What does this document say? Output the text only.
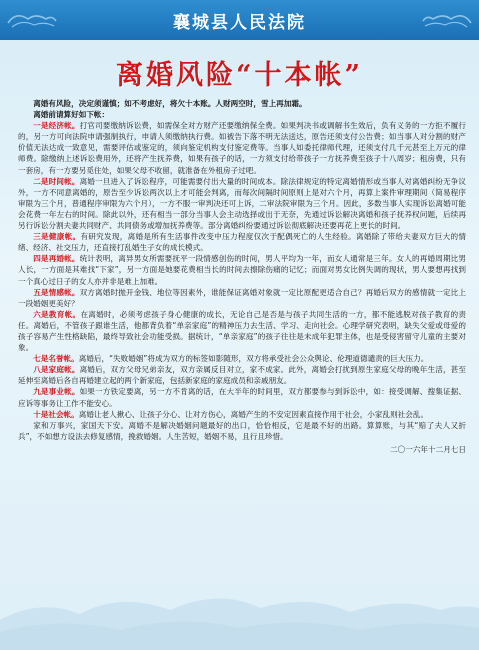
襄城县人民法院
离婚风险“十本帐”

离婚有风险，决定须谨慎；如不考虑好，将欠十本账。人财两空时，雪上再加霜。

离婚前请算好如下帐：

一是经济帐。打官司要缴纳诉讼费，如需保全对方财产还要缴纳保全费。如果判决书或调解书生效后，负有义务的一方拒不履行的，另一方可向法院申请强制执行，申请人须缴纳执行费。如被告下落不明无法送达，原告还须支付公告费；如当事人对分割的财产价值无法达成一致意见，需要评估或鉴定的，须向鉴定机构支付鉴定费等。当事人如委托律师代理，还须支付几千元甚至上万元的律师费。除缴纳上述诉讼费用外，还将产生抚养费，如果有孩子的话，一方须支付给带孩子一方抚养费至孩子十八周岁；租房费，只有一套房，有一方要另觅住处，如果父母不收留，就准备在外租房子过吧。

二是时间帐。离婚一旦进入了诉讼程序，可能需要付出大量的时间成本。除法律规定的特定离婚情形或当事人对离婚纠纷无争议外，一方不同意离婚的，原告至少诉讼两次以上才可能会判离，而每次间隔时间原则上是对六个月，再算上案件审理期间（简易程序审限为三个月，普通程序审限为六个月），一方不服一审判决还可上诉，二审法院审限为三个月。因此，多数当事人实现诉讼离婚可能会花费一年左右的时间。除此以外，还有相当一部分当事人会主动选择或出于无奈，先通过诉讼解决离婚和孩子抚养权问题，后续再另行诉讼分割夫妻共同财产、共同债务或增加抚养费等。部分离婚纠纷要通过诉讼彻底解决还要再花上更长的时间。

三是健康帐。有研究发现，离婚是所有生活事件改变中压力程度仅次于配偶死亡的人生经验。离婚除了带给夫妻双方巨大的情绪、经济、社交压力，还直接打乱婚生子女的成长模式。

四是再婚帐。统计表明，离异男女所需要抚平一段情感创伤的时间，男人平均为一年，而女人通常是三年。女人的再婚周期比男人长，一方面是其难找“下家”，另一方面是她要花费相当长的时间去擦除伤痛的记忆；而面对男女比例失调的现状，男人要想再找到一个真心过日子的女人亦并非是难上加难。

五是情感帐。双方离婚时抛开金钱、地位等因素外，谁能保证离婚对象就一定比原配更适合自己？再婚后双方的感情就一定比上一段婚姻更美好？

六是教育帐。在离婚时，必须考虑孩子身心健康的成长，无论自己是否是与孩子共同生活的一方，都不能逃脱对孩子教育的责任。离婚后，不管孩子跟谁生活，他都背负着“单亲家庭”的精神压力去生活、学习、走向社会。心理学研究表明，缺失父爱或母爱的孩子容易产生性格缺陷，最终导致社会功能受损。据统计，“单亲家庭”的孩子往往是未成年犯罪主体，也是受侵害留守儿童的主要对象。

七是名誉帐。离婚后，“失败婚姻”将成为双方的标签如影随形，双方将承受社会公众舆论、伦理道德谴责的巨大压力。

八是家庭帐。离婚后，双方父母兄弟亲友，双方亲属反目对立，家不成家。此外，离婚会打扰到原生家庭父母的晚年生活，甚至延伸至离婚后各自再婚建立起的两个新家庭，包括新家庭的家庭成员和亲戚朋友。

九是事业帐。如果一方铁定要离，另一方不肯离的话，在大半年的时间里，双方都要参与到诉讼中，如：接受调解、搜集证据、应诉等事务让工作不能安心。

十是社会帐。离婚让老人揪心、让孩子分心、让对方伤心，离婚产生的不安定因素直接作用于社会，小家乱则社会乱。

家和万事兴，家国天下安。离婚不是解决婚姻问题最好的出口，恰恰相反，它是最不好的出路。算算账，与其“赔了夫人又折兵”，不如想方设法去修复感情，挽救婚姻。人生苦短，婚姻不易，且行且珍惜。

二〇一六年十二月七日
